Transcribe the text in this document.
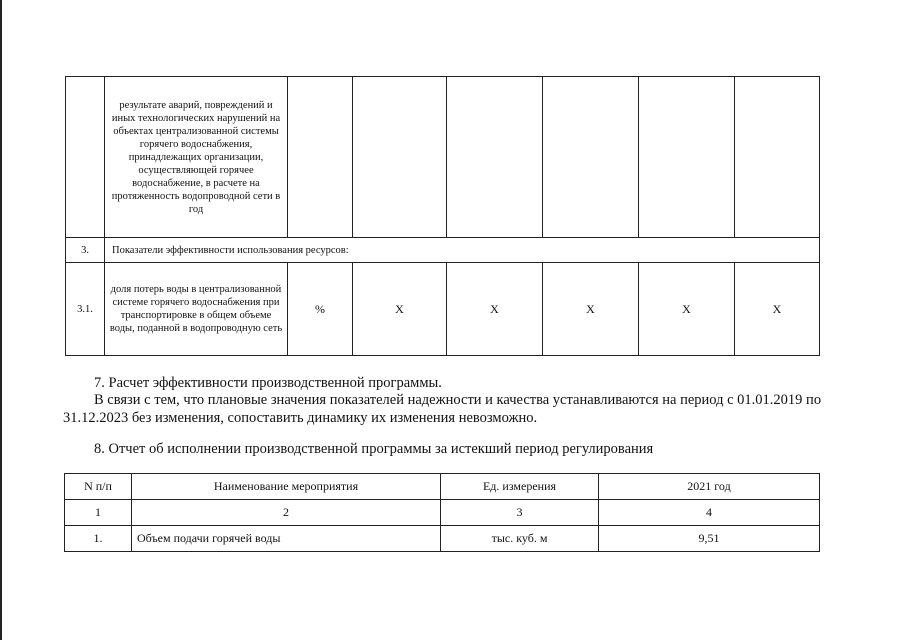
	результате аварий, повреждений и иных технологических нарушений на объектах централизованной системы горячего водоснабжения, принадлежащих организации, осуществляющей горячее водоснабжение, в расчете на протяженность водопроводной сети в год						
3.	Показатели эффективности использования ресурсов:						
3.1.	доля потерь воды в централизованной системе горячего водоснабжения при транспортировке в общем объеме воды, поданной в водопроводную сеть	%	Х	Х	Х	Х	Х

7. Расчет эффективности производственной программы.

В связи с тем, что плановые значения показателей надежности и качества устанавливаются на период с 01.01.2019 по

31.12.2023 без изменения, сопоставить динамику их изменения невозможно.

8. Отчет об исполнении производственной программы за истекший период регулирования

N п/п	Наименование мероприятия	Ед. измерения	2021 год
1	2	3	4
1.	Объем подачи горячей воды	тыс. куб. м	9,51
